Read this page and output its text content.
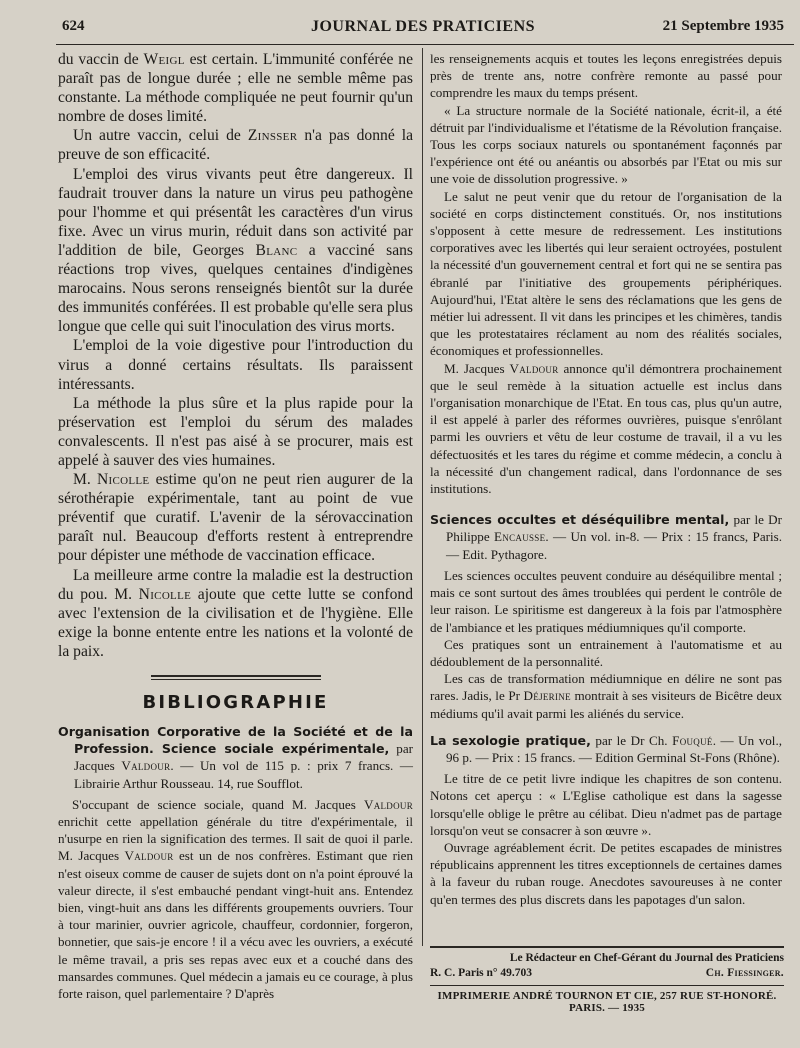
624	JOURNAL DES PRATICIENS	21 Septembre 1935

du vaccin de Weigl est certain. L'immunité conférée ne paraît pas de longue durée ; elle ne semble même pas constante. La méthode compliquée ne peut fournir qu'un nombre de doses limité.

Un autre vaccin, celui de Zinsser n'a pas donné la preuve de son efficacité.

L'emploi des virus vivants peut être dangereux. Il faudrait trouver dans la nature un virus peu pathogène pour l'homme et qui présentât les caractères d'un virus fixe. Avec un virus murin, réduit dans son activité par l'addition de bile, Georges Blanc a vacciné sans réactions trop vives, quelques centaines d'indigènes marocains. Nous serons renseignés bientôt sur la durée des immunités conférées. Il est probable qu'elle sera plus longue que celle qui suit l'inoculation des virus morts.

L'emploi de la voie digestive pour l'introduction du virus a donné certains résultats. Ils paraissent intéressants.

La méthode la plus sûre et la plus rapide pour la préservation est l'emploi du sérum des malades convalescents. Il n'est pas aisé à se procurer, mais est appelé à sauver des vies humaines.

M. Nicolle estime qu'on ne peut rien augurer de la sérothérapie expérimentale, tant au point de vue préventif que curatif. L'avenir de la sérovaccination paraît nul. Beaucoup d'efforts restent à entreprendre pour dépister une méthode de vaccination efficace.

La meilleure arme contre la maladie est la destruction du pou. M. Nicolle ajoute que cette lutte se confond avec l'extension de la civilisation et de l'hygiène. Elle exige la bonne entente entre les nations et la volonté de la paix.

BIBLIOGRAPHIE
Organisation Corporative de la Société et de la Profession. Science sociale expérimentale, par Jacques Valdour. — Un vol de 115 p. : prix 7 francs. — Librairie Arthur Rousseau. 14, rue Soufflot.

S'occupant de science sociale, quand M. Jacques Valdour enrichit cette appellation générale du titre d'expérimentale, il n'usurpe en rien la signification des termes. Il sait de quoi il parle. M. Jacques Valdour est un de nos confrères. Estimant que rien n'est oiseux comme de causer de sujets dont on n'a point éprouvé la valeur directe, il s'est embauché pendant vingt-huit ans. Entendez bien, vingt-huit ans dans les différents groupements ouvriers. Tour à tour marinier, ouvrier agricole, chauffeur, cordonnier, forgeron, bonnetier, que sais-je encore ! il a vécu avec les ouvriers, a exécuté le même travail, a pris ses repas avec eux et a couché dans des mansardes communes. Quel médecin a jamais eu ce courage, à plus forte raison, quel parlementaire ? D'après

les renseignements acquis et toutes les leçons enregistrées depuis près de trente ans, notre confrère remonte au passé pour comprendre les maux du temps présent.

« La structure normale de la Société nationale, écrit-il, a été détruit par l'individualisme et l'étatisme de la Révolution française. Tous les corps sociaux naturels ou spontanément façonnés par l'expérience ont été ou anéantis ou absorbés par l'Etat ou mis sur une voie de dissolution progressive. »

Le salut ne peut venir que du retour de l'organisation de la société en corps distinctement constitués. Or, nos institutions s'opposent à cette mesure de redressement. Les institutions corporatives avec les libertés qui leur seraient octroyées, postulent la nécessité d'un gouvernement central et fort qui ne se sentira pas ébranlé par l'initiative des groupements périphériques. Aujourd'hui, l'Etat altère le sens des réclamations que les gens de métier lui adressent. Il vit dans les principes et les chimères, tandis que les protestataires réclament au nom des réalités sociales, économiques et professionnelles.

M. Jacques Valdour annonce qu'il démontrera prochainement que le seul remède à la situation actuelle est inclus dans l'organisation monarchique de l'Etat. En tous cas, plus qu'un autre, il est appelé à parler des réformes ouvrières, puisque s'enrôlant parmi les ouvriers et vêtu de leur costume de travail, il a vu les défectuosités et les tares du régime et comme médecin, a conclu à la nécessité d'un changement radical, dans l'ordonnance de ses institutions.

Sciences occultes et déséquilibre mental, par le Dr Philippe Encausse. — Un vol. in-8. — Prix : 15 francs, Paris. — Edit. Pythagore.

Les sciences occultes peuvent conduire au déséquilibre mental ; mais ce sont surtout des âmes troublées qui perdent le contrôle de leur raison. Le spiritisme est dangereux à la fois par l'atmosphère de l'ambiance et les pratiques médiumniques qu'il comporte.

Ces pratiques sont un entrainement à l'automatisme et au dédoublement de la personnalité.

Les cas de transformation médiumnique en délire ne sont pas rares. Jadis, le Pr Déjerine montrait à ses visiteurs de Bicêtre deux médiums qu'il avait parmi les aliénés du service.

La sexologie pratique, par le Dr Ch. Fouqué. — Un vol., 96 p. — Prix : 15 francs. — Edition Germinal St-Fons (Rhône).

Le titre de ce petit livre indique les chapitres de son contenu. Notons cet aperçu : « L'Eglise catholique est dans la sagesse lorsqu'elle oblige le prêtre au célibat. Dieu n'admet pas de partage lorsqu'on veut se consacrer à son œuvre ».

Ouvrage agréablement écrit. De petites escapades de ministres républicains apprennent les titres exceptionnels de certaines dames à la faveur du ruban rouge. Anecdotes savoureuses à ne conter qu'en termes des plus discrets dans les papotages d'un salon.

Le Rédacteur en Chef-Gérant du Journal des Praticiens
R. C. Paris n° 49.703	Ch. Fiessinger.
IMPRIMERIE ANDRÉ TOURNON ET CIE, 257 RUE ST-HONORÉ. PARIS. — 1935
